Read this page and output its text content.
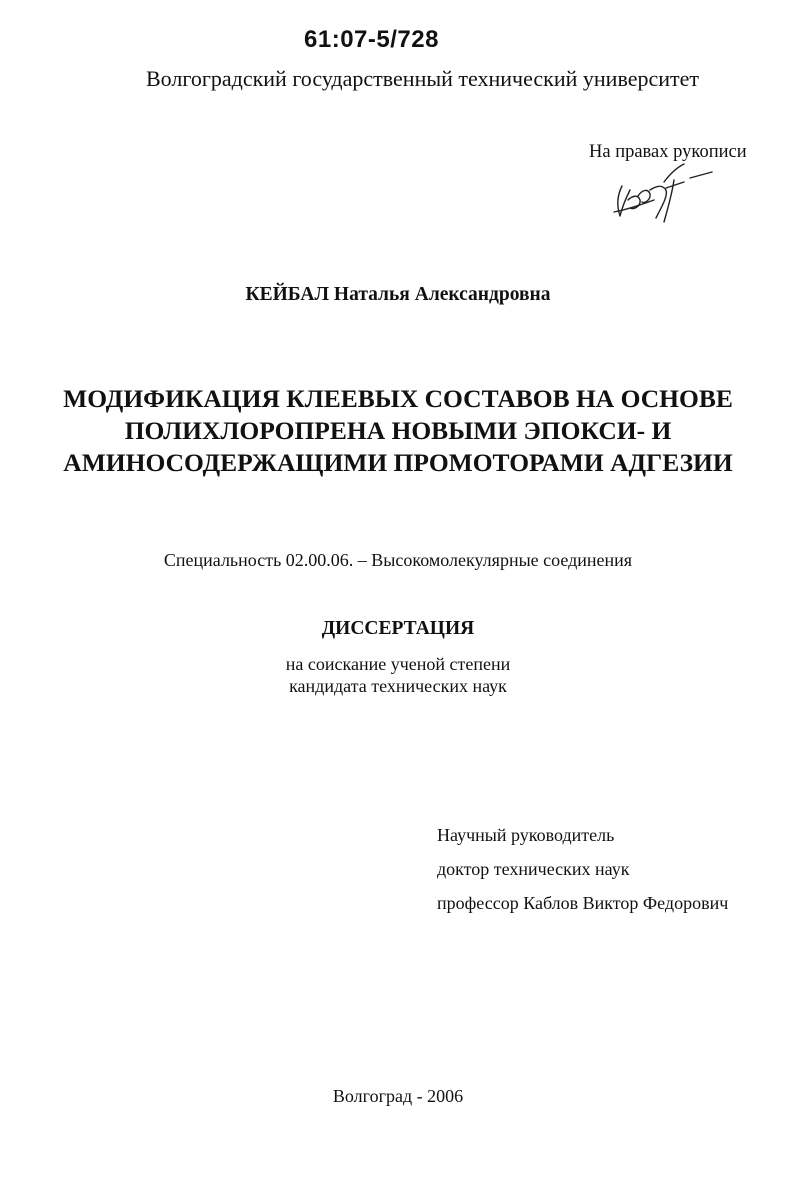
61:07-5/728
Волгоградский государственный технический университет
На правах рукописи
КЕЙБАЛ Наталья Александровна
МОДИФИКАЦИЯ КЛЕЕВЫХ СОСТАВОВ НА ОСНОВЕ
ПОЛИХЛОРОПРЕНА НОВЫМИ ЭПОКСИ- И
АМИНОСОДЕРЖАЩИМИ ПРОМОТОРАМИ АДГЕЗИИ
Специальность 02.00.06. – Высокомолекулярные соединения
ДИССЕРТАЦИЯ
на соискание ученой степени
кандидата технических наук
Научный руководитель
доктор технических наук
профессор Каблов Виктор Федорович
Волгоград - 2006
